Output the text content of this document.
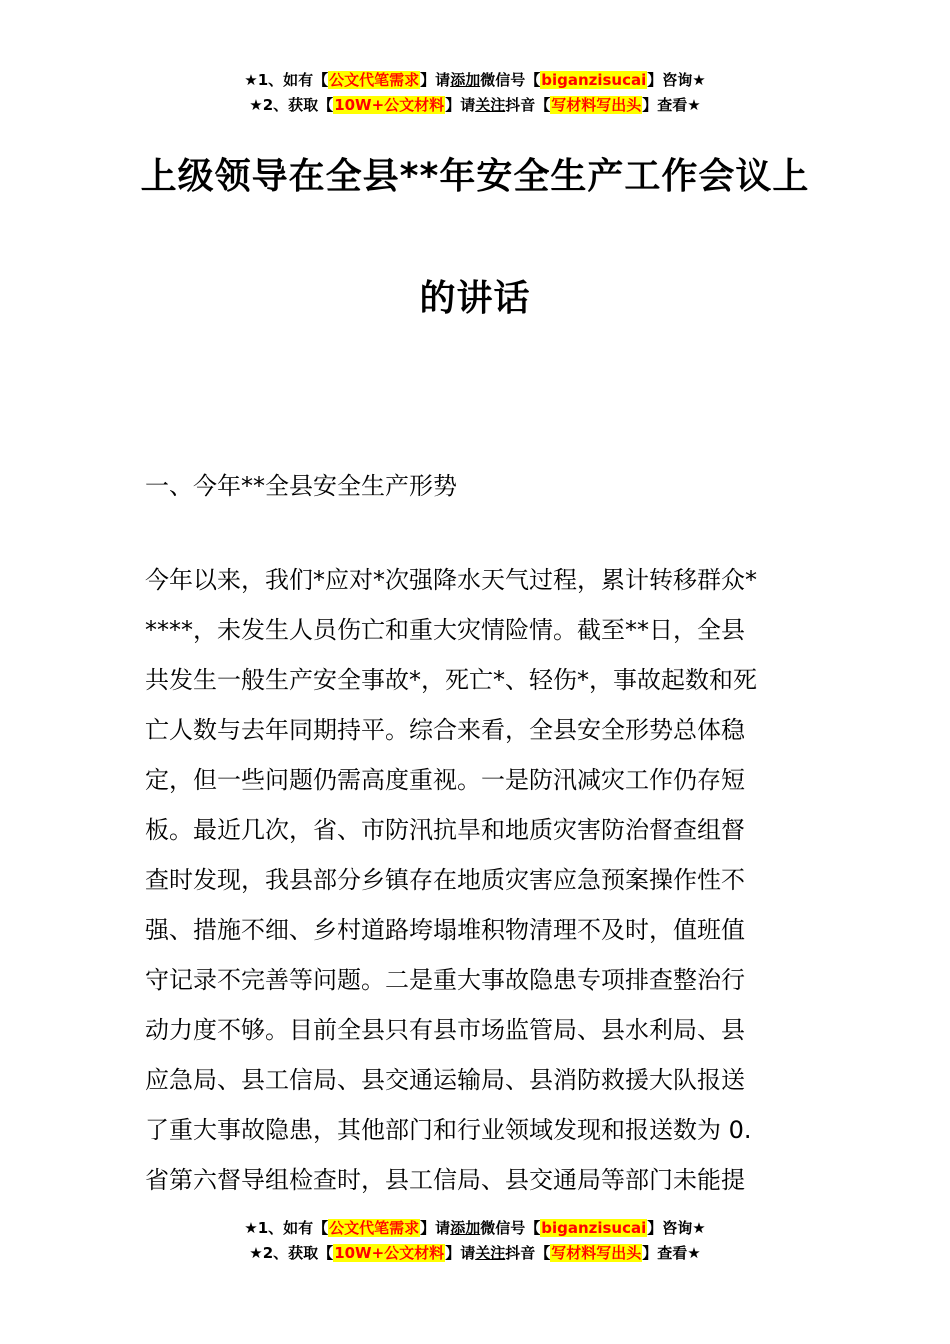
★1、如有【公文代笔需求】请添加微信号【biganzisucai】咨询★
★2、获取【10W+公文材料】请关注抖音【写材料写出头】查看★
上级领导在全县**年安全生产工作会议上
的讲话
一、今年**全县安全生产形势
今年以来，我们*应对*次强降水天气过程，累计转移群众*
****，未发生人员伤亡和重大灾情险情。截至**日，全县
共发生一般生产安全事故*，死亡*、轻伤*，事故起数和死
亡人数与去年同期持平。综合来看，全县安全形势总体稳
定，但一些问题仍需高度重视。一是防汛减灾工作仍存短
板。最近几次，省、市防汛抗旱和地质灾害防治督查组督
查时发现，我县部分乡镇存在地质灾害应急预案操作性不
强、措施不细、乡村道路垮塌堆积物清理不及时，值班值
守记录不完善等问题。二是重大事故隐患专项排查整治行
动力度不够。目前全县只有县市场监管局、县水利局、县
应急局、县工信局、县交通运输局、县消防救援大队报送
了重大事故隐患，其他部门和行业领域发现和报送数为 0.
省第六督导组检查时，县工信局、县交通局等部门未能提
★1、如有【公文代笔需求】请添加微信号【biganzisucai】咨询★
★2、获取【10W+公文材料】请关注抖音【写材料写出头】查看★
